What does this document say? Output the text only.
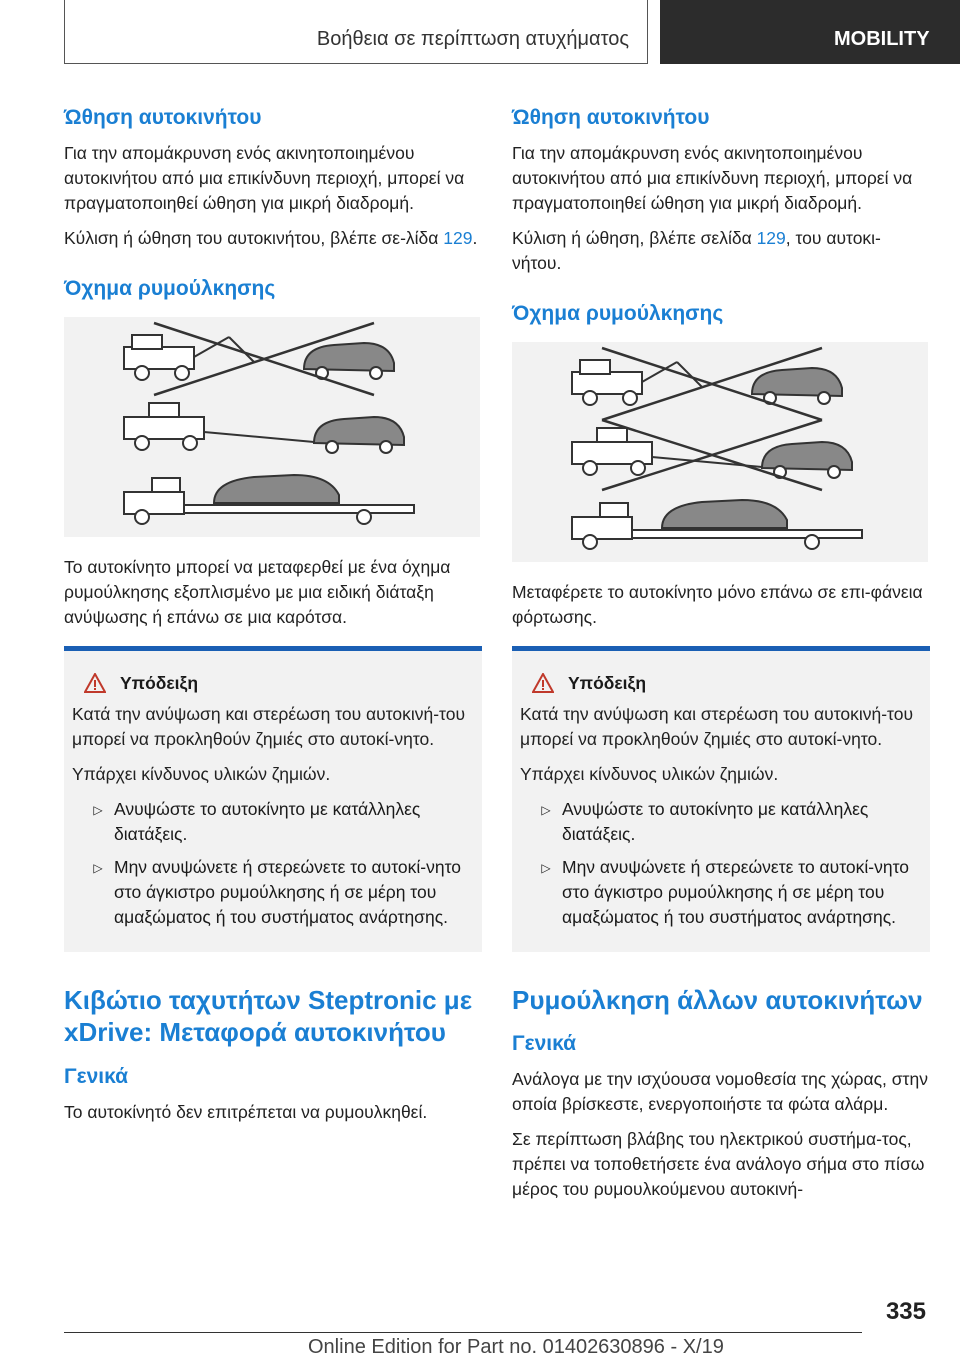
Βοήθεια σε περίπτωση ατυχήματος	MOBILITY
Ώθηση αυτοκινήτου

Για την απομάκρυνση ενός ακινητοποιημένου αυτοκινήτου από μια επικίνδυνη περιοχή, μπορεί να πραγματοποιηθεί ώθηση για μικρή διαδρομή.

Κύλιση ή ώθηση του αυτοκινήτου, βλέπε σε-λίδα 129.

Όχημα ρυμούλκησης

Το αυτοκίνητο μπορεί να μεταφερθεί με ένα όχημα ρυμούλκησης εξοπλισμένο με μια ειδική διάταξη ανύψωσης ή επάνω σε μια καρότσα.

Υπόδειξη

Κατά την ανύψωση και στερέωση του αυτοκινή-του μπορεί να προκληθούν ζημιές στο αυτοκί-νητο.

Υπάρχει κίνδυνος υλικών ζημιών.

▷ Ανυψώστε το αυτοκίνητο με κατάλληλες διατάξεις.
▷ Μην ανυψώνετε ή στερεώνετε το αυτοκί-νητο στο άγκιστρο ρυμούλκησης ή σε μέρη του αμαξώματος ή του συστήματος ανάρτησης.
Κιβώτιο ταχυτήτων Steptronic με xDrive: Μεταφορά αυτοκινήτου
Γενικά

Το αυτοκίνητό δεν επιτρέπεται να ρυμουλκηθεί.

Ώθηση αυτοκινήτου

Για την απομάκρυνση ενός ακινητοποιημένου αυτοκινήτου από μια επικίνδυνη περιοχή, μπορεί να πραγματοποιηθεί ώθηση για μικρή διαδρομή.

Κύλιση ή ώθηση, βλέπε σελίδα 129, του αυτοκι-νήτου.

Όχημα ρυμούλκησης

Μεταφέρετε το αυτοκίνητο μόνο επάνω σε επι-φάνεια φόρτωσης.

Υπόδειξη

Κατά την ανύψωση και στερέωση του αυτοκινή-του μπορεί να προκληθούν ζημιές στο αυτοκί-νητο.

Υπάρχει κίνδυνος υλικών ζημιών.

▷ Ανυψώστε το αυτοκίνητο με κατάλληλες διατάξεις.
▷ Μην ανυψώνετε ή στερεώνετε το αυτοκί-νητο στο άγκιστρο ρυμούλκησης ή σε μέρη του αμαξώματος ή του συστήματος ανάρτησης.
Ρυμούλκηση άλλων αυτοκινήτων
Γενικά

Ανάλογα με την ισχύουσα νομοθεσία της χώρας, στην οποία βρίσκεστε, ενεργοποιήστε τα φώτα αλάρμ.

Σε περίπτωση βλάβης του ηλεκτρικού συστήμα-τος, πρέπει να τοποθετήσετε ένα ανάλογο σήμα στο πίσω μέρος του ρυμουλκούμενου αυτοκινή-

335
Online Edition for Part no. 01402630896 - X/19
